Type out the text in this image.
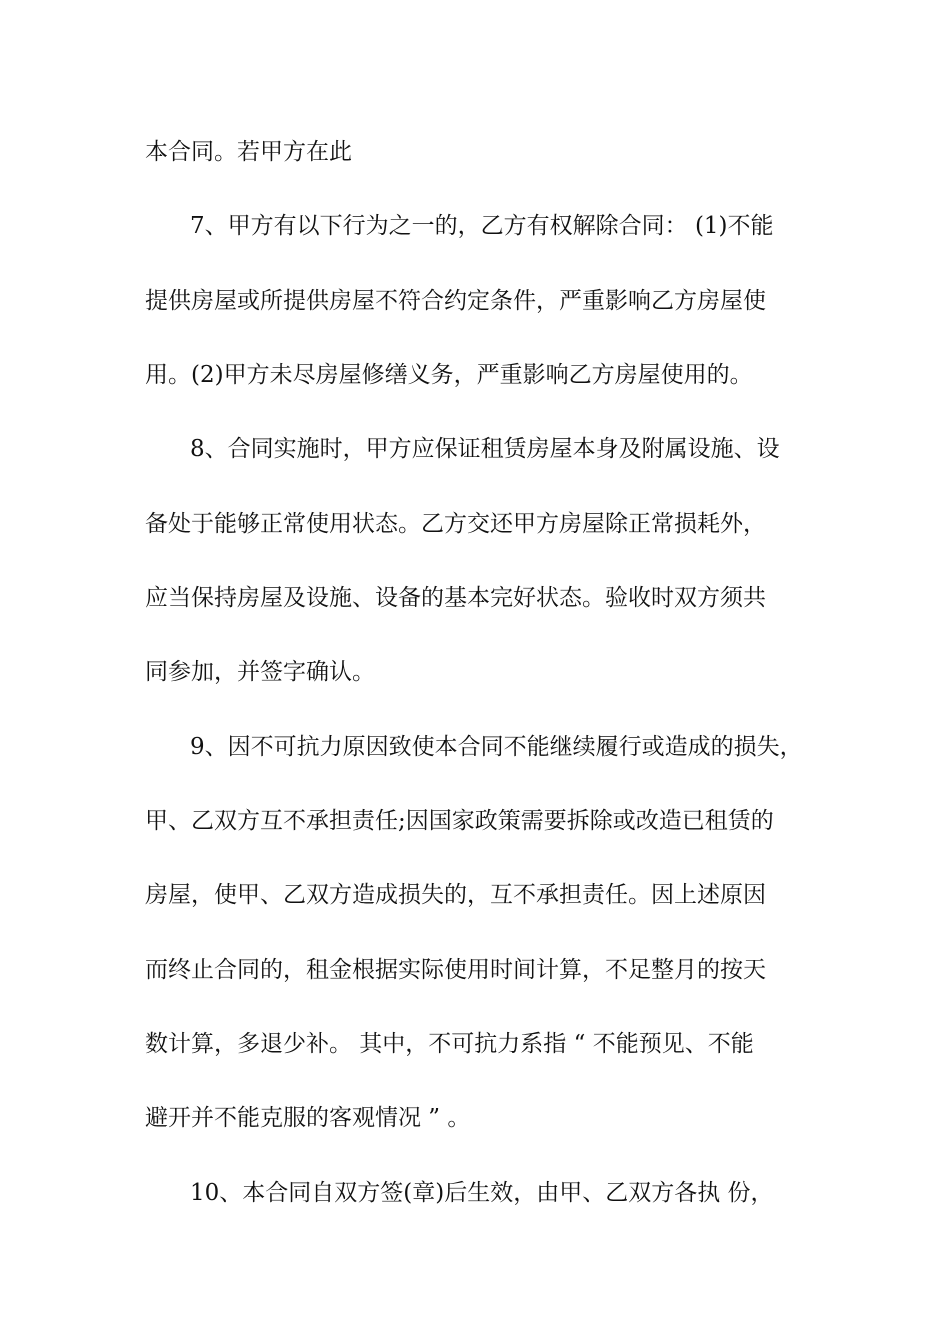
本合同。若甲方在此
7、甲方有以下行为之一的，乙方有权解除合同： (1)不能
提供房屋或所提供房屋不符合约定条件，严重影响乙方房屋使
用。(2)甲方未尽房屋修缮义务，严重影响乙方房屋使用的。
8、合同实施时，甲方应保证租赁房屋本身及附属设施、设
备处于能够正常使用状态。乙方交还甲方房屋除正常损耗外，
应当保持房屋及设施、设备的基本完好状态。验收时双方须共
同参加，并签字确认。
9、因不可抗力原因致使本合同不能继续履行或造成的损失，
甲、乙双方互不承担责任;因国家政策需要拆除或改造已租赁的
房屋，使甲、乙双方造成损失的，互不承担责任。因上述原因
而终止合同的，租金根据实际使用时间计算，不足整月的按天
数计算，多退少补。 其中，不可抗力系指 “ 不能预见、不能
避开并不能克服的客观情况 ” 。
10、本合同自双方签(章)后生效，由甲、乙双方各执 份，
